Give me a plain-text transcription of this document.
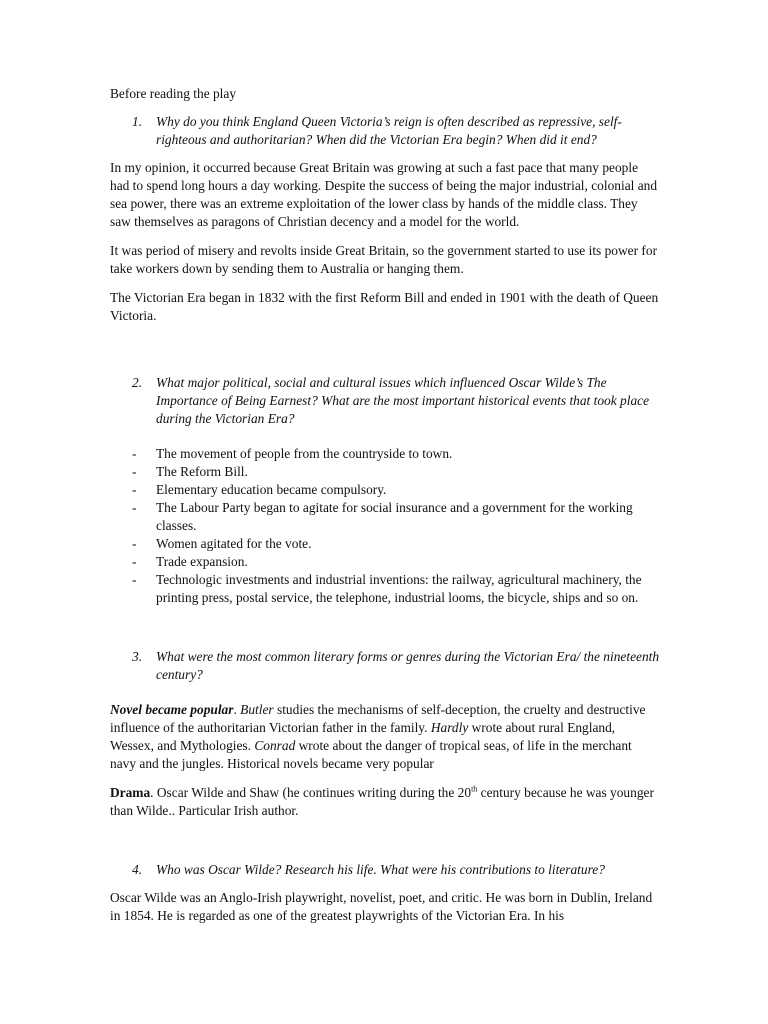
Before reading the play

1. Why do you think England Queen Victoria’s reign is often described as repressive, self-righteous and authoritarian? When did the Victorian Era begin? When did it end?

In my opinion, it occurred because Great Britain was growing at such a fast pace that many people had to spend long hours a day working. Despite the success of being the major industrial, colonial and sea power, there was an extreme exploitation of the lower class by hands of the middle class. They saw themselves as paragons of Christian decency and a model for the world.

It was period of misery and revolts inside Great Britain, so the government started to use its power for take workers down by sending them to Australia or hanging them.

The Victorian Era began in 1832 with the first Reform Bill and ended in 1901 with the death of Queen Victoria.

2. What major political, social and cultural issues which influenced Oscar Wilde’s The Importance of Being Earnest? What are the most important historical events that took place during the Victorian Era?
- The movement of people from the countryside to town.
- The Reform Bill.
- Elementary education became compulsory.
- The Labour Party began to agitate for social insurance and a government for the working classes.
- Women agitated for the vote.
- Trade expansion.
- Technologic investments and industrial inventions: the railway, agricultural machinery, the printing press, postal service, the telephone, industrial looms, the bicycle, ships and so on.
3. What were the most common literary forms or genres during the Victorian Era/ the nineteenth century?

Novel became popular. Butler studies the mechanisms of self-deception, the cruelty and destructive influence of the authoritarian Victorian father in the family. Hardly wrote about rural England, Wessex, and Mythologies. Conrad wrote about the danger of tropical seas, of life in the merchant navy and the jungles. Historical novels became very popular

Drama. Oscar Wilde and Shaw (he continues writing during the 20th century because he was younger than Wilde.. Particular Irish author.

4. Who was Oscar Wilde? Research his life. What were his contributions to literature?

Oscar Wilde was an Anglo-Irish playwright, novelist, poet, and critic. He was born in Dublin, Ireland in 1854. He is regarded as one of the greatest playwrights of the Victorian Era. In his
